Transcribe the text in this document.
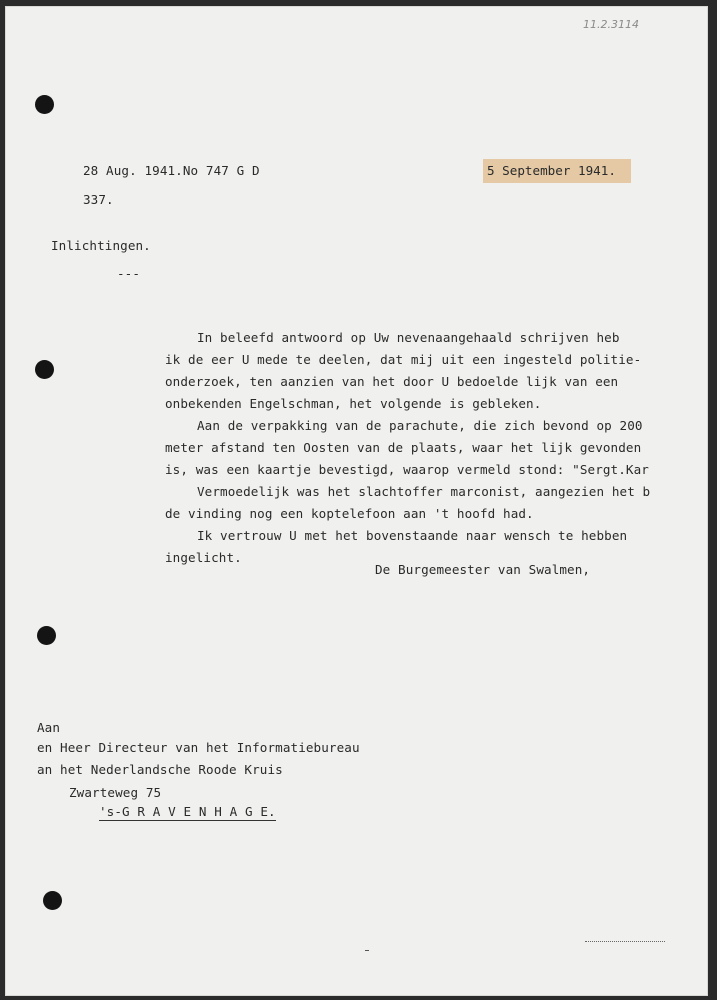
11.2.3114
28 Aug. 1941.No 747 G D
337.
5 September 1941.
Inlichtingen.
---
In beleefd antwoord op Uw nevenaangehaald schrijven heb
ik de eer U mede te deelen, dat mij uit een ingesteld politie-
onderzoek, ten aanzien van het door U bedoelde lijk van een
onbekenden Engelschman, het volgende is gebleken.
Aan de verpakking van de parachute, die zich bevond op 200
meter afstand ten Oosten van de plaats, waar het lijk gevonden
is, was een kaartje bevestigd, waarop vermeld stond: "Sergt.Kar
Vermoedelijk was het slachtoffer marconist, aangezien het b
de vinding nog een koptelefoon aan 't hoofd had.
Ik vertrouw U met het bovenstaande naar wensch te hebben
ingelicht.
De Burgemeester van Swalmen,
Aan
en Heer Directeur van het Informatiebureau
an het Nederlandsche Roode Kruis
Zwarteweg 75
's-G R A V E N H A G E.
